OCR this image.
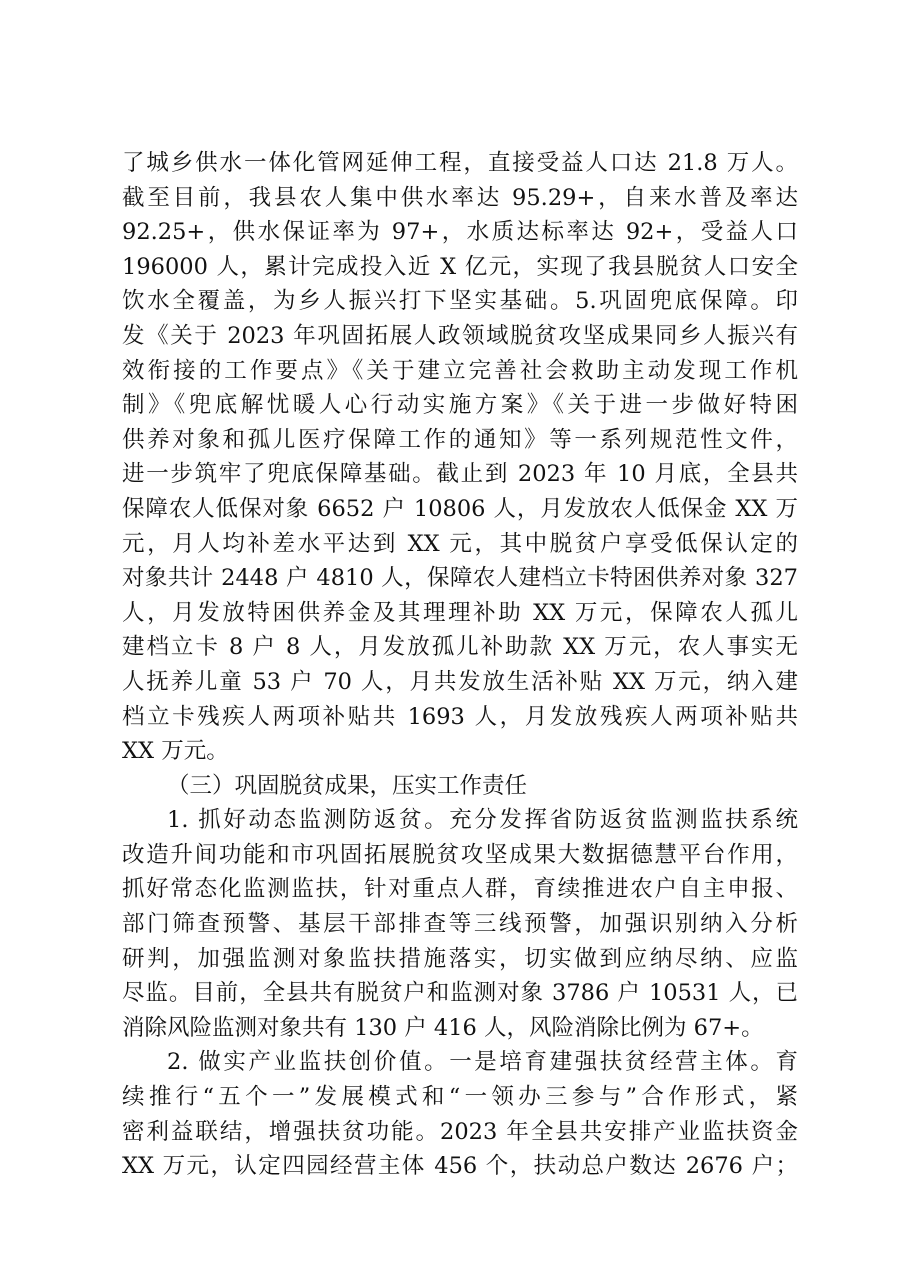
了城乡供水一体化管网延伸工程，直接受益人口达 21.8 万人。
截至目前，我县农人集中供水率达 95.29+，自来水普及率达
92.25+，供水保证率为 97+，水质达标率达 92+，受益人口
196000 人，累计完成投入近 X 亿元，实现了我县脱贫人口安全
饮水全覆盖，为乡人振兴打下坚实基础。5.巩固兜底保障。印
发《关于 2023 年巩固拓展人政领域脱贫攻坚成果同乡人振兴有
效衔接的工作要点》《关于建立完善社会救助主动发现工作机
制》《兜底解忧暖人心行动实施方案》《关于进一步做好特困
供养对象和孤儿医疗保障工作的通知》等一系列规范性文件，
进一步筑牢了兜底保障基础。截止到 2023 年 10 月底，全县共
保障农人低保对象 6652 户 10806 人，月发放农人低保金 XX 万
元，月人均补差水平达到 XX 元，其中脱贫户享受低保认定的
对象共计 2448 户 4810 人，保障农人建档立卡特困供养对象 327
人，月发放特困供养金及其理理补助 XX 万元，保障农人孤儿
建档立卡 8 户 8 人，月发放孤儿补助款 XX 万元，农人事实无
人抚养儿童 53 户 70 人，月共发放生活补贴 XX 万元，纳入建
档立卡残疾人两项补贴共 1693 人，月发放残疾人两项补贴共
XX 万元。
（三）巩固脱贫成果，压实工作责任
1. 抓好动态监测防返贫。充分发挥省防返贫监测监扶系统
改造升间功能和市巩固拓展脱贫攻坚成果大数据德慧平台作用，
抓好常态化监测监扶，针对重点人群，育续推进农户自主申报、
部门筛查预警、基层干部排查等三线预警，加强识别纳入分析
研判，加强监测对象监扶措施落实，切实做到应纳尽纳、应监
尽监。目前，全县共有脱贫户和监测对象 3786 户 10531 人，已
消除风险监测对象共有 130 户 416 人，风险消除比例为 67+。
2. 做实产业监扶创价值。一是培育建强扶贫经营主体。育
续推行“五个一”发展模式和“一领办三参与”合作形式，紧
密利益联结，增强扶贫功能。2023 年全县共安排产业监扶资金
XX 万元，认定四园经营主体 456 个，扶动总户数达 2676 户；
